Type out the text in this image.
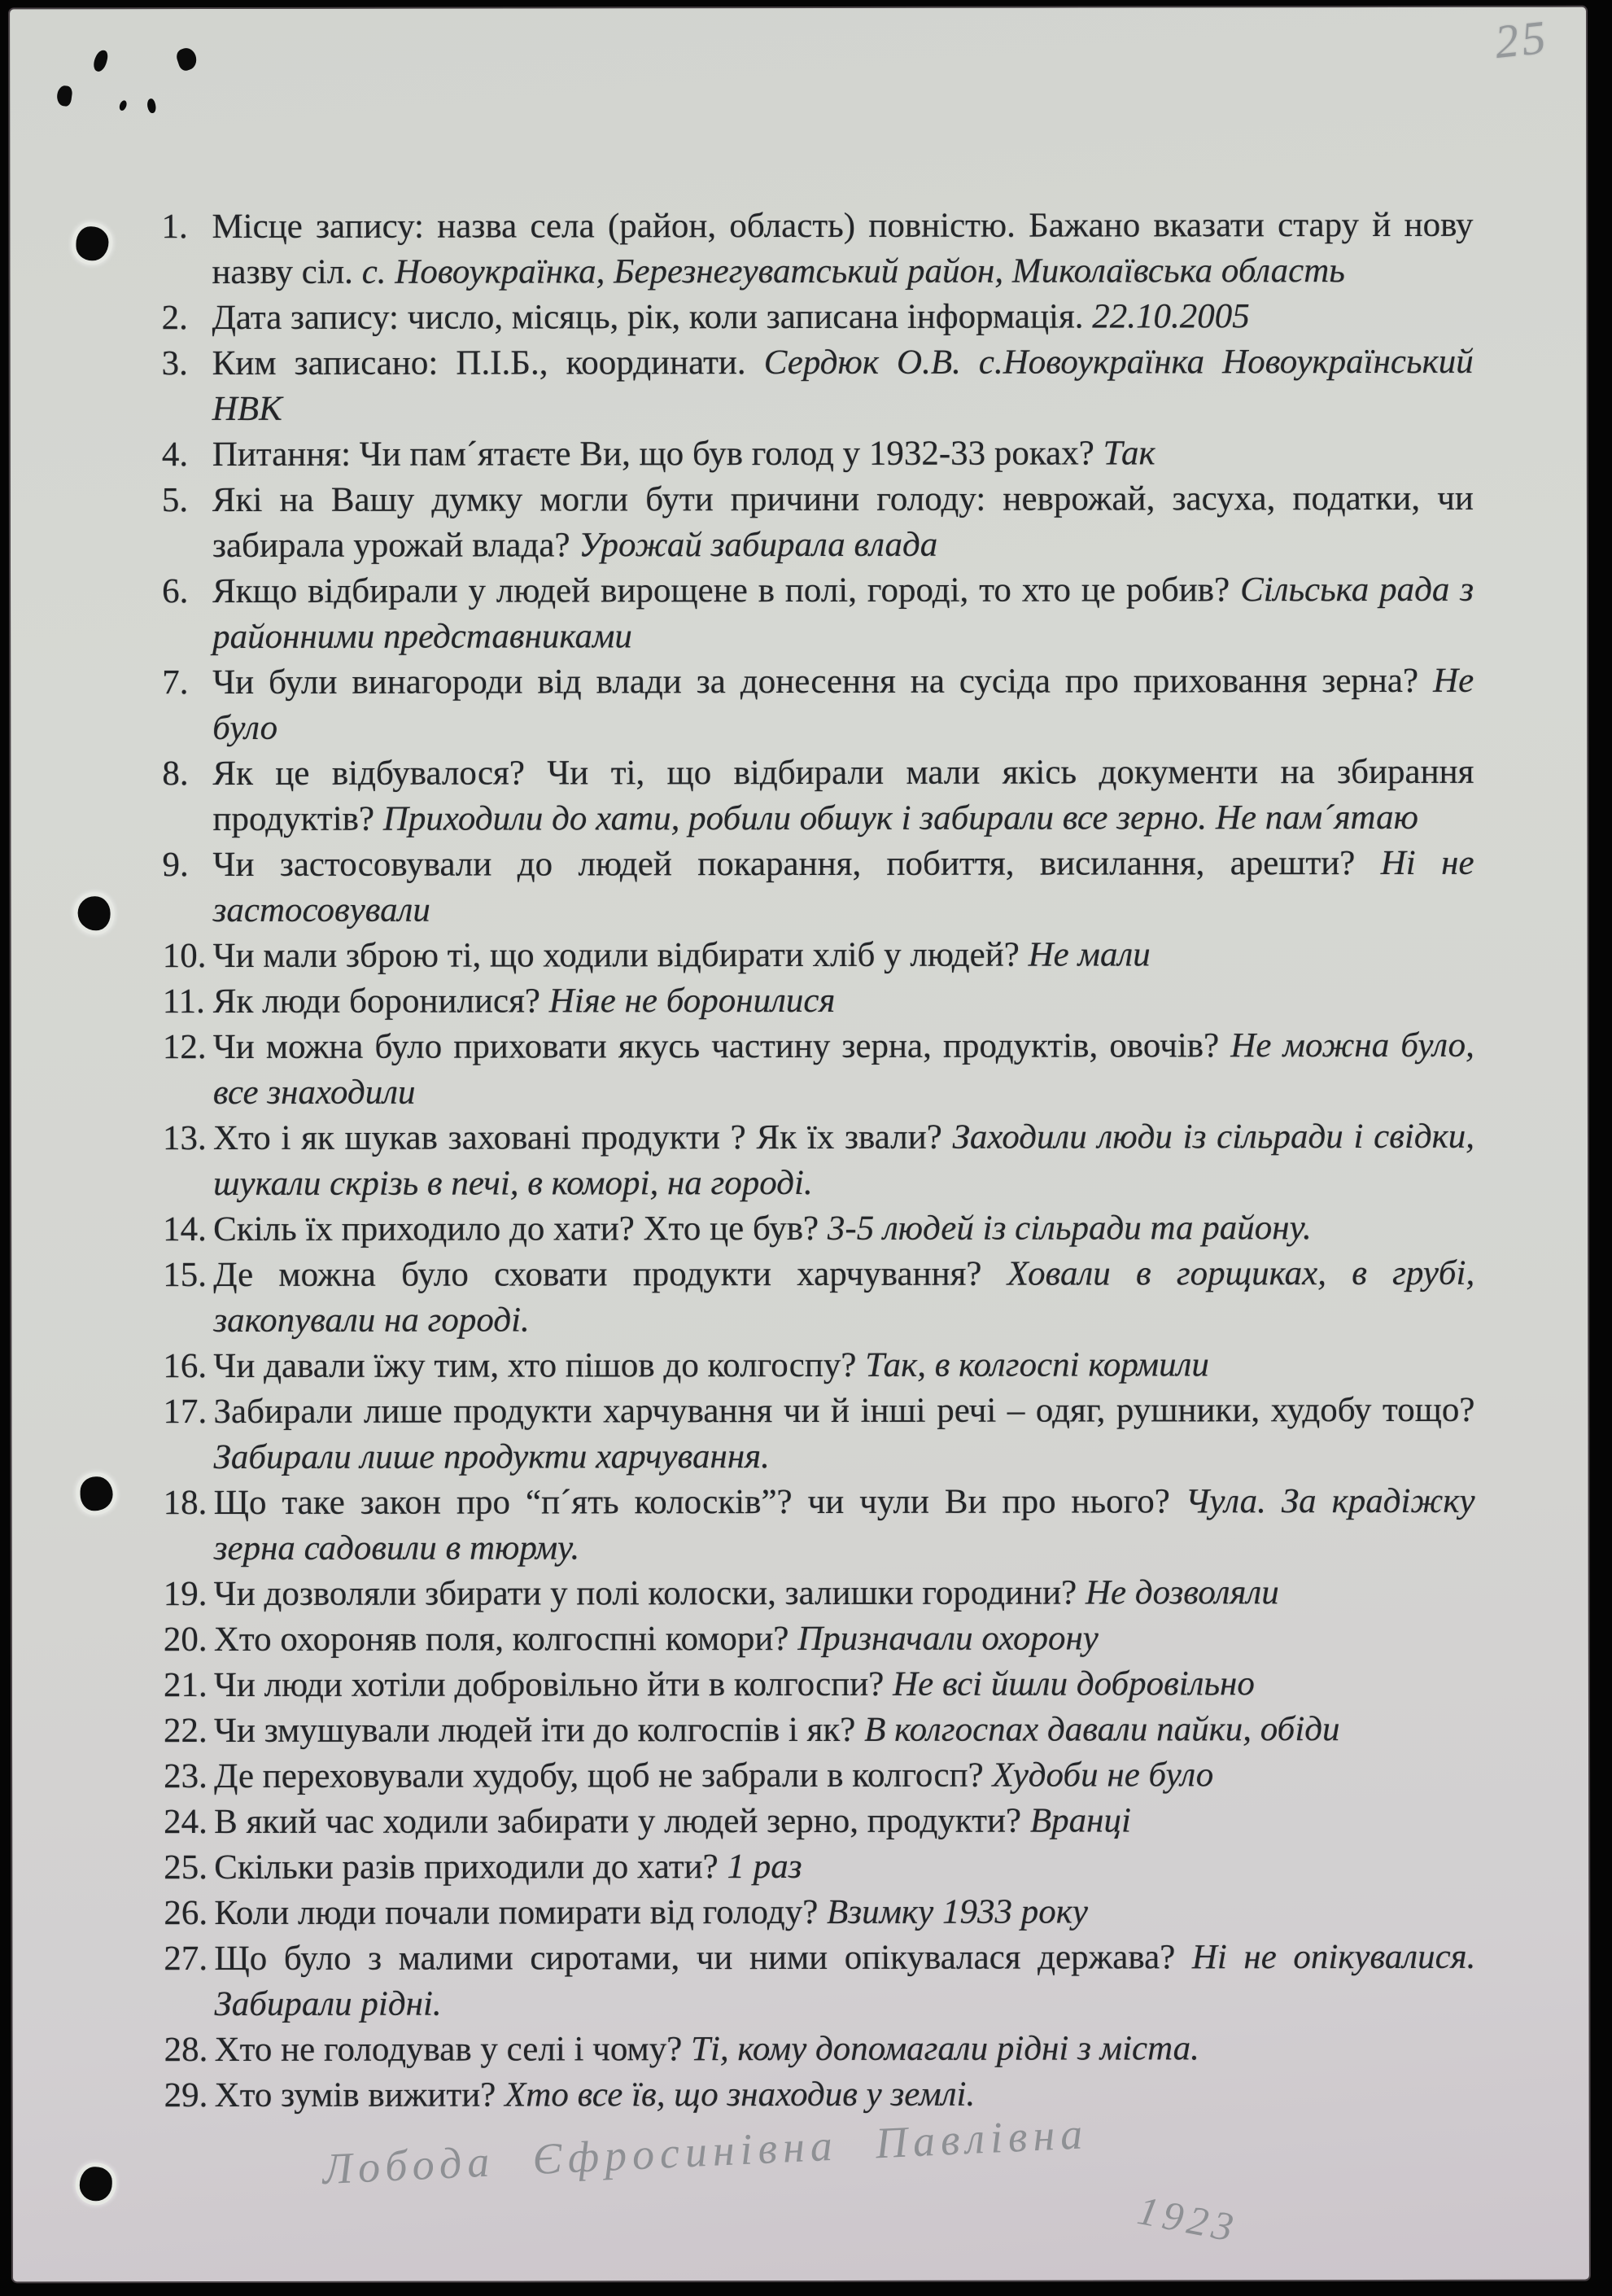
25
1. Місце запису: назва села (район, область) повністю. Бажано вказати стару й нову назву сіл. с. Новоукраїнка, Березнегуватський район, Миколаївська область
2. Дата запису: число, місяць, рік, коли записана інформація. 22.10.2005
3. Ким записано: П.І.Б., координати. Сердюк О.В. с.Новоукраїнка Новоукраїнський НВК
4. Питання: Чи пам´ятаєте Ви, що був голод у 1932-33 роках? Так
5. Які на Вашу думку могли бути причини голоду: неврожай, засуха, податки, чи забирала урожай влада? Урожай забирала влада
6. Якщо відбирали у людей вирощене в полі, городі, то хто це робив? Сільська рада з районними представниками
7. Чи були винагороди від влади за донесення на сусіда про приховання зерна? Не було
8. Як це відбувалося? Чи ті, що відбирали мали якісь документи на збирання продуктів? Приходили до хати, робили обшук і забирали все зерно. Не пам´ятаю
9. Чи застосовували до людей покарання, побиття, висилання, арешти? Ні не застосовували
10. Чи мали зброю ті, що ходили відбирати хліб у людей? Не мали
11. Як люди боронилися? Ніяе не боронилися
12. Чи можна було приховати якусь частину зерна, продуктів, овочів? Не можна було, все знаходили
13. Хто і як шукав заховані продукти ? Як їх звали? Заходили люди із сільради і свідки, шукали скрізь в печі, в коморі, на городі.
14. Скіль їх приходило до хати? Хто це був? 3-5 людей із сільради та району.
15. Де можна було сховати продукти харчування? Ховали в горщиках, в грубі, закопували на городі.
16. Чи давали їжу тим, хто пішов до колгоспу? Так, в колгоспі кормили
17. Забирали лише продукти харчування чи й інші речі – одяг, рушники, худобу тощо? Забирали лише продукти харчування.
18. Що таке закон про “п´ять колосків”? чи чули Ви про нього? Чула. За крадіжку зерна садовили в тюрму.
19. Чи дозволяли збирати у полі колоски, залишки городини? Не дозволяли
20. Хто охороняв поля, колгоспні комори? Призначали охорону
21. Чи люди хотіли добровільно йти в колгоспи? Не всі йшли добровільно
22. Чи змушували людей іти до колгоспів і як? В колгоспах давали пайки, обіди
23. Де переховували худобу, щоб не забрали в колгосп? Худоби не було
24. В який час ходили забирати у людей зерно, продукти? Вранці
25. Скільки разів приходили до хати? 1 раз
26. Коли люди почали помирати від голоду? Взимку 1933 року
27. Що було з малими сиротами, чи ними опікувалася держава? Ні не опікувалися. Забирали рідні.
28. Хто не голодував у селі і чому? Ті, кому допомагали рідні з міста.
29. Хто зумів вижити? Хто все їв, що знаходив у землі.
Лобода Єфросинівна Павлівна
1923
